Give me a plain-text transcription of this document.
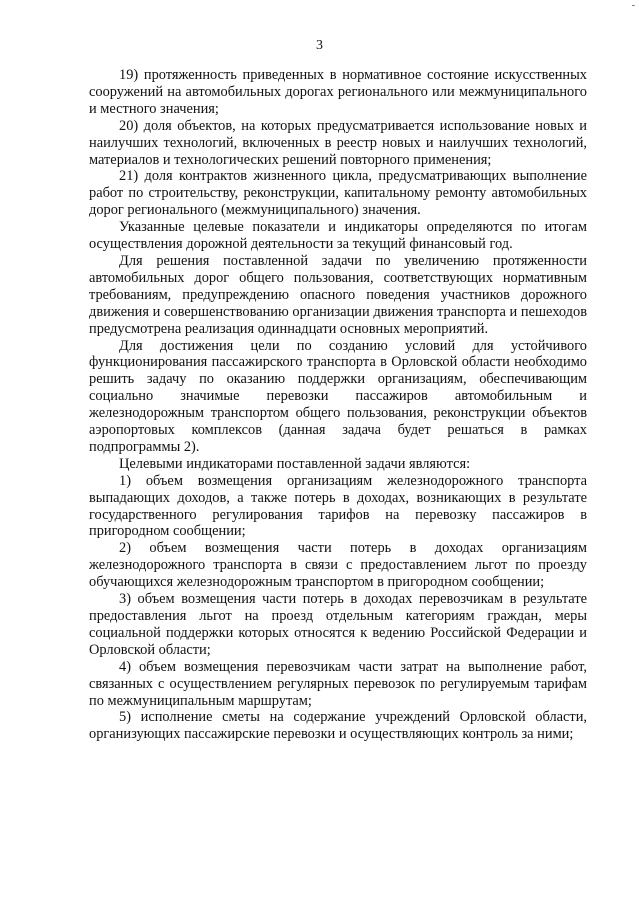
-
3

19) протяженность приведенных в нормативное состояние искусственных сооружений на автомобильных дорогах регионального или межмуниципального и местного значения;

20) доля объектов, на которых предусматривается использование новых и наилучших технологий, включенных в реестр новых и наилучших технологий, материалов и технологических решений повторного применения;

21) доля контрактов жизненного цикла, предусматривающих выполнение работ по строительству, реконструкции, капитальному ремонту автомобильных дорог регионального (межмуниципального) значения.

Указанные целевые показатели и индикаторы определяются по итогам осуществления дорожной деятельности за текущий финансовый год.

Для решения поставленной задачи по увеличению протяженности автомобильных дорог общего пользования, соответствующих нормативным требованиям, предупреждению опасного поведения участников дорожного движения и совершенствованию организации движения транспорта и пешеходов предусмотрена реализация одиннадцати основных мероприятий.

Для достижения цели по созданию условий для устойчивого функционирования пассажирского транспорта в Орловской области необходимо решить задачу по оказанию поддержки организациям, обеспечивающим социально значимые перевозки пассажиров автомобильным и железнодорожным транспортом общего пользования, реконструкции объектов аэропортовых комплексов (данная задача будет решаться в рамках подпрограммы 2).

Целевыми индикаторами поставленной задачи являются:

1) объем возмещения организациям железнодорожного транспорта выпадающих доходов, а также потерь в доходах, возникающих в результате государственного регулирования тарифов на перевозку пассажиров в пригородном сообщении;

2) объем возмещения части потерь в доходах организациям железнодорожного транспорта в связи с предоставлением льгот по проезду обучающихся железнодорожным транспортом в пригородном сообщении;

3) объем возмещения части потерь в доходах перевозчикам в результате предоставления льгот на проезд отдельным категориям граждан, меры социальной поддержки которых относятся к ведению Российской Федерации и Орловской области;

4) объем возмещения перевозчикам части затрат на выполнение работ, связанных с осуществлением регулярных перевозок по регулируемым тарифам по межмуниципальным маршрутам;

5) исполнение сметы на содержание учреждений Орловской области, организующих пассажирские перевозки и осуществляющих контроль за ними;
